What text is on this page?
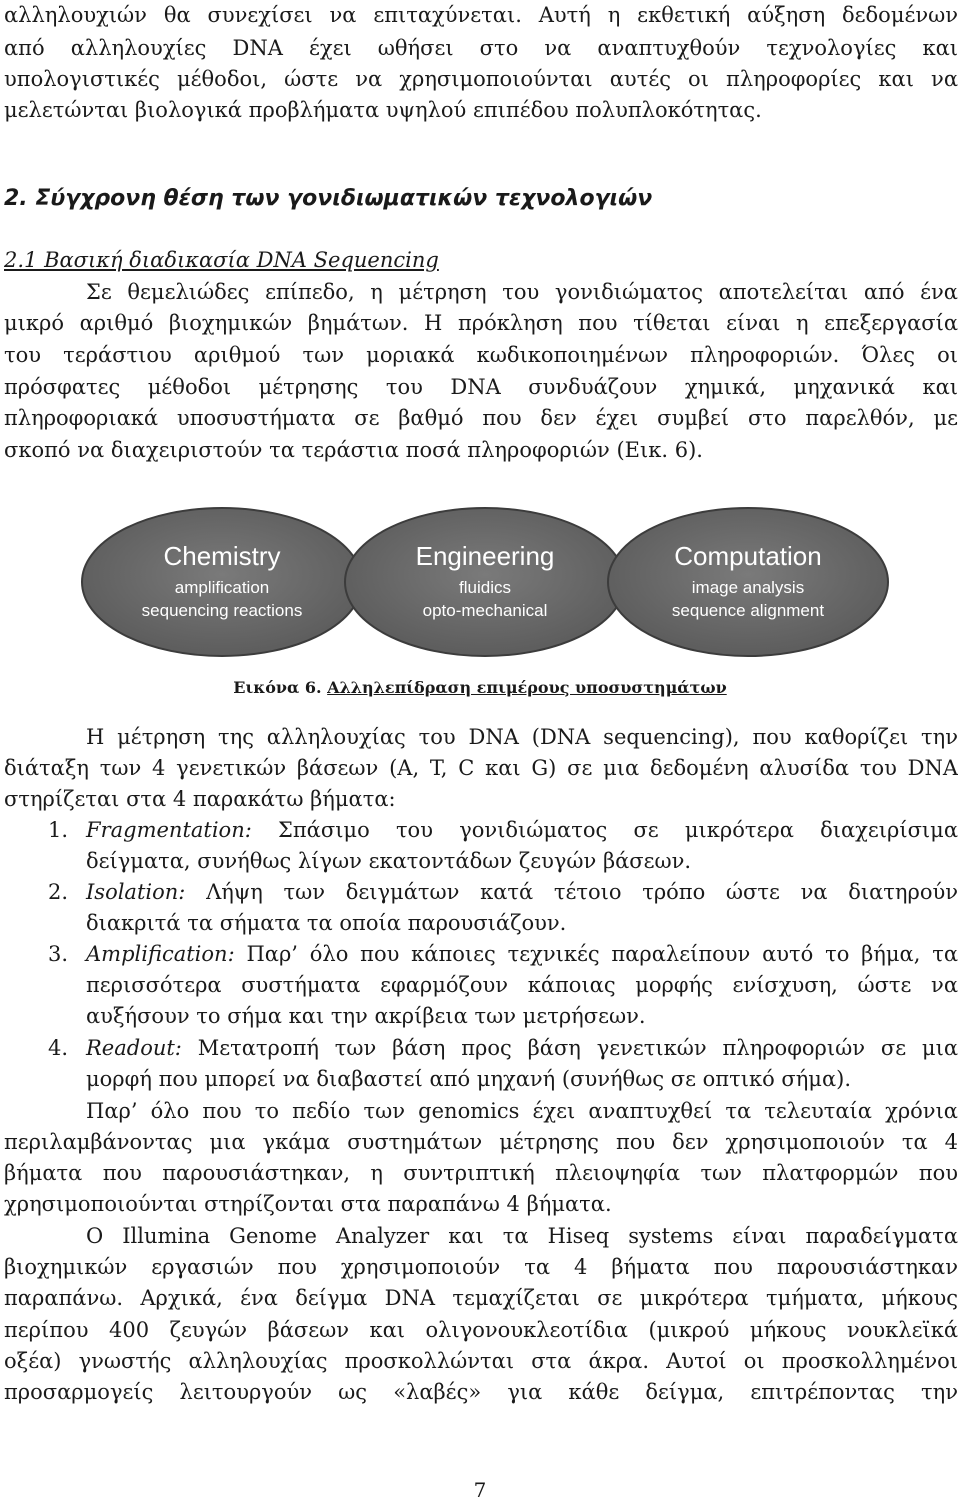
αλληλουχιών θα συνεχίσει να επιταχύνεται. Αυτή η εκθετική αύξηση δεδομένων
από αλληλουχίες DNA έχει ωθήσει στο να αναπτυχθούν τεχνολογίες και
υπολογιστικές μέθοδοι, ώστε να χρησιμοποιούνται αυτές οι πληροφορίες και να
μελετώνται βιολογικά προβλήματα υψηλού επιπέδου πολυπλοκότητας.
2. Σύγχρονη θέση των γονιδιωματικών τεχνολογιών
2.1 Βασική διαδικασία DNA Sequencing
Σε θεμελιώδες επίπεδο, η μέτρηση του γονιδιώματος αποτελείται από ένα
μικρό αριθμό βιοχημικών βημάτων. Η πρόκληση που τίθεται είναι η επεξεργασία
του τεράστιου αριθμού των μοριακά κωδικοποιημένων πληροφοριών. Όλες οι
πρόσφατες μέθοδοι μέτρησης του DNA συνδυάζουν χημικά, μηχανικά και
πληροφοριακά υποσυστήματα σε βαθμό που δεν έχει συμβεί στο παρελθόν, με
σκοπό να διαχειριστούν τα τεράστια ποσά πληροφοριών (Εικ. 6).
Chemistry
amplification
sequencing reactions
Engineering
fluidics
opto-mechanical
Computation
image analysis
sequence alignment
Εικόνα 6. Αλληλεπίδραση επιμέρους υποσυστημάτων
Η μέτρηση της αλληλουχίας του DNA (DNA sequencing), που καθορίζει την
διάταξη των 4 γενετικών βάσεων (A, T, C και G) σε μια δεδομένη αλυσίδα του DNA
στηρίζεται στα 4 παρακάτω βήματα:
1. Fragmentation: Σπάσιμο του γονιδιώματος σε μικρότερα διαχειρίσιμα
δείγματα, συνήθως λίγων εκατοντάδων ζευγών βάσεων.
2. Isolation: Λήψη των δειγμάτων κατά τέτοιο τρόπο ώστε να διατηρούν
διακριτά τα σήματα τα οποία παρουσιάζουν.
3. Amplification: Παρ’ όλο που κάποιες τεχνικές παραλείπουν αυτό το βήμα, τα
περισσότερα συστήματα εφαρμόζουν κάποιας μορφής ενίσχυση, ώστε να
αυξήσουν το σήμα και την ακρίβεια των μετρήσεων.
4. Readout: Μετατροπή των βάση προς βάση γενετικών πληροφοριών σε μια
μορφή που μπορεί να διαβαστεί από μηχανή (συνήθως σε οπτικό σήμα).
Παρ’ όλο που το πεδίο των genomics έχει αναπτυχθεί τα τελευταία χρόνια
περιλαμβάνοντας μια γκάμα συστημάτων μέτρησης που δεν χρησιμοποιούν τα 4
βήματα που παρουσιάστηκαν, η συντριπτική πλειοψηφία των πλατφορμών που
χρησιμοποιούνται στηρίζονται στα παραπάνω 4 βήματα.
Ο Illumina Genome Analyzer και τα Hiseq systems είναι παραδείγματα
βιοχημικών εργασιών που χρησιμοποιούν τα 4 βήματα που παρουσιάστηκαν
παραπάνω. Αρχικά, ένα δείγμα DNA τεμαχίζεται σε μικρότερα τμήματα, μήκους
περίπου 400 ζευγών βάσεων και ολιγονουκλεοτίδια (μικρού μήκους νουκλεϊκά
οξέα) γνωστής αλληλουχίας προσκολλώνται στα άκρα. Αυτοί οι προσκολλημένοι
προσαρμογείς λειτουργούν ως «λαβές» για κάθε δείγμα, επιτρέποντας την
7
